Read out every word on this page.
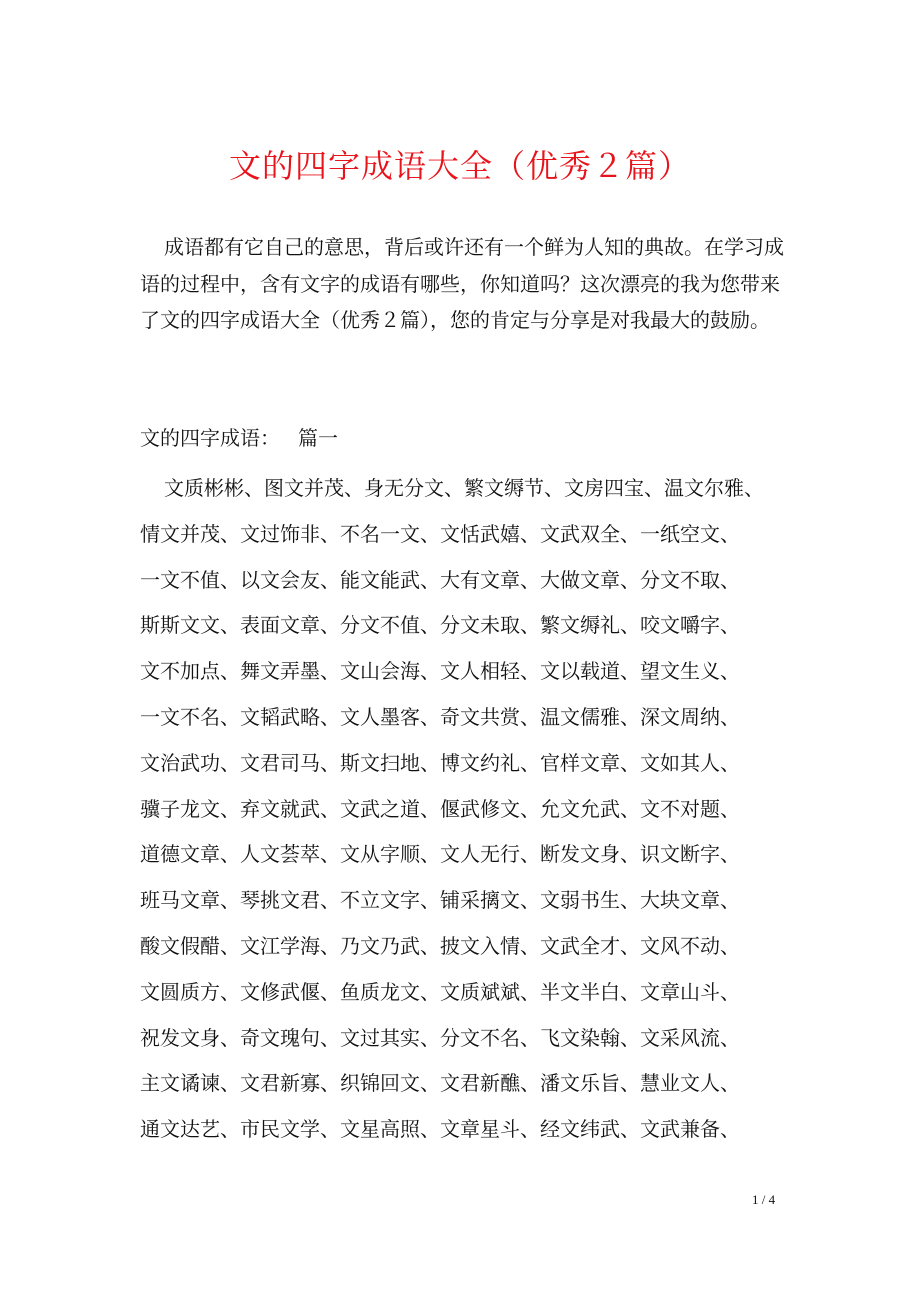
文的四字成语大全（优秀２篇）

成语都有它自己的意思，背后或许还有一个鲜为人知的典故。在学习成语的过程中，含有文字的成语有哪些，你知道吗？这次漂亮的我为您带来了文的四字成语大全（优秀２篇），您的肯定与分享是对我最大的鼓励。

文的四字成语： 篇一

文质彬彬、图文并茂、身无分文、繁文缛节、文房四宝、温文尔雅、
情文并茂、文过饰非、不名一文、文恬武嬉、文武双全、一纸空文、
一文不值、以文会友、能文能武、大有文章、大做文章、分文不取、
斯斯文文、表面文章、分文不值、分文未取、繁文缛礼、咬文嚼字、
文不加点、舞文弄墨、文山会海、文人相轻、文以载道、望文生义、
一文不名、文韬武略、文人墨客、奇文共赏、温文儒雅、深文周纳、
文治武功、文君司马、斯文扫地、博文约礼、官样文章、文如其人、
骥子龙文、弃文就武、文武之道、偃武修文、允文允武、文不对题、
道德文章、人文荟萃、文从字顺、文人无行、断发文身、识文断字、
班马文章、琴挑文君、不立文字、铺采摛文、文弱书生、大块文章、
酸文假醋、文江学海、乃文乃武、披文入情、文武全才、文风不动、
文圆质方、文修武偃、鱼质龙文、文质斌斌、半文半白、文章山斗、
祝发文身、奇文瑰句、文过其实、分文不名、飞文染翰、文采风流、
主文谲谏、文君新寡、织锦回文、文君新醮、潘文乐旨、慧业文人、
通文达艺、市民文学、文星高照、文章星斗、经文纬武、文武兼备、

1 / 4
